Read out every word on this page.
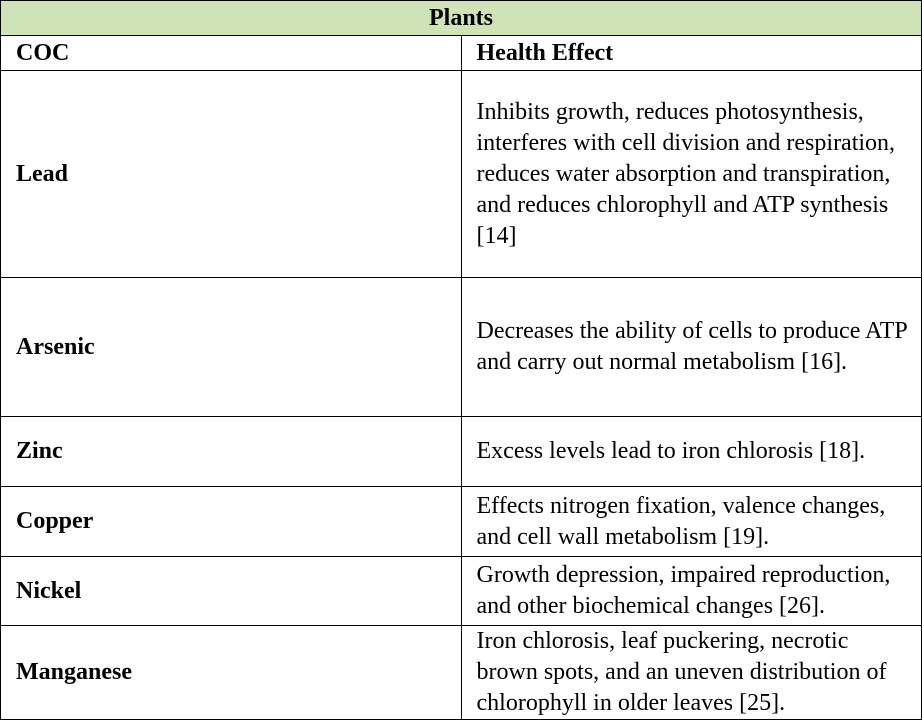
Plants	
COC	Health Effect
Lead	Inhibits growth, reduces photosynthesis, interferes with cell division and respiration, reduces water absorption and transpiration, and reduces chlorophyll and ATP synthesis [14]
Arsenic	Decreases the ability of cells to produce ATP and carry out normal metabolism [16].
Zinc	Excess levels lead to iron chlorosis [18].
Copper	Effects nitrogen fixation, valence changes, and cell wall metabolism [19].
Nickel	Growth depression, impaired reproduction, and other biochemical changes [26].
Manganese	Iron chlorosis, leaf puckering, necrotic brown spots, and an uneven distribution of chlorophyll in older leaves [25].
